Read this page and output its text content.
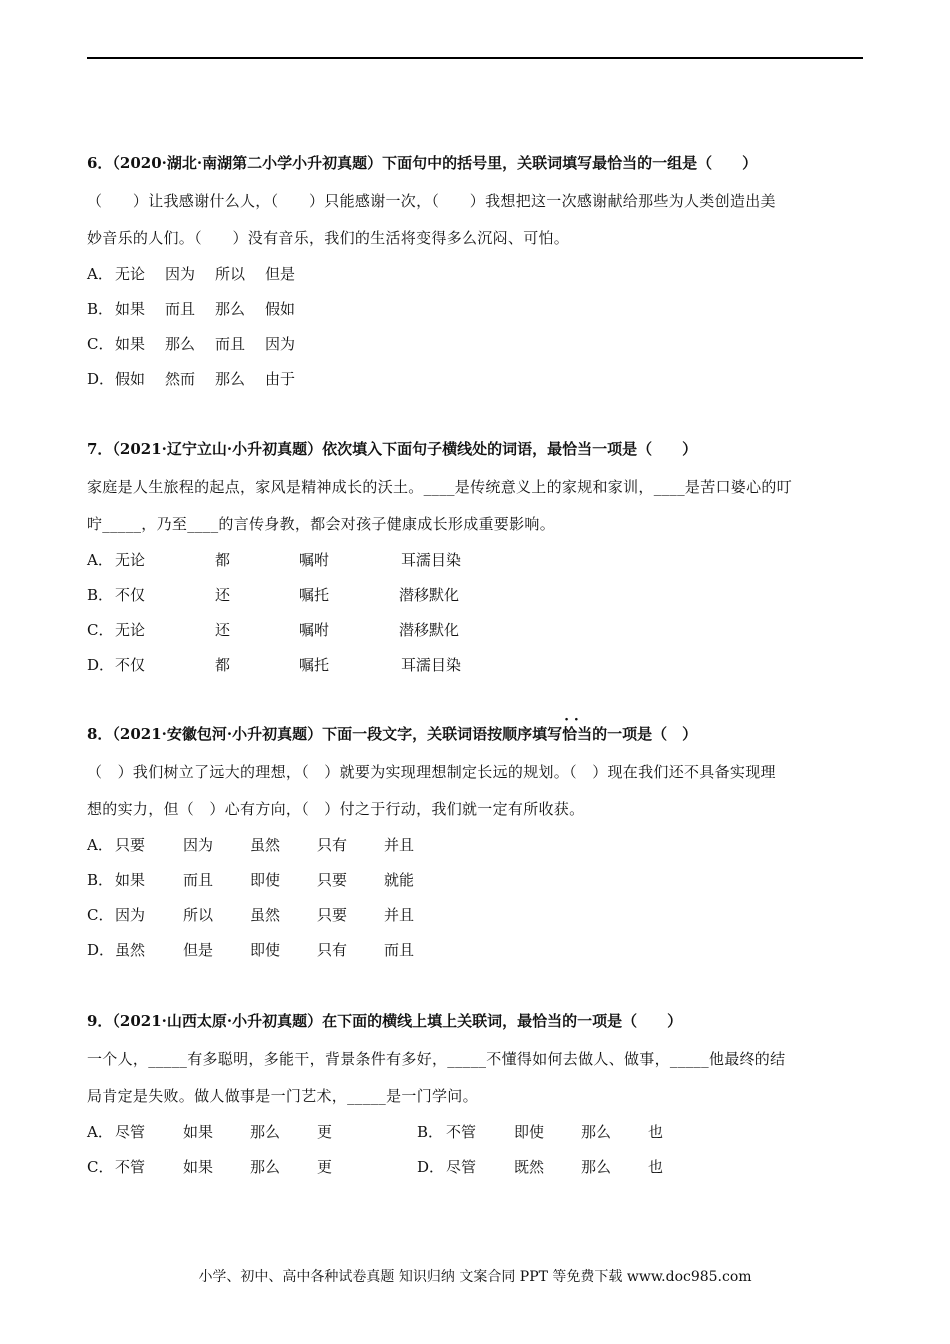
6．（2020·湖北·南湖第二小学小升初真题）下面句中的括号里，关联词填写最恰当的一组是（　　）

（　　）让我感谢什么人，（　　）只能感谢一次，（　　）我想把这一次感谢献给那些为人类创造出美

妙音乐的人们。（　　）没有音乐，我们的生活将变得多么沉闷、可怕。

A． 无论 因为 所以 但是
B． 如果 而且 那么 假如
C． 如果 那么 而且 因为
D． 假如 然而 那么 由于

7．（2021·辽宁立山·小升初真题）依次填入下面句子横线处的词语，最恰当一项是（　　）

家庭是人生旅程的起点，家风是精神成长的沃土。____是传统意义上的家规和家训，____是苦口婆心的叮

咛_____，乃至____的言传身教，都会对孩子健康成长形成重要影响。

A． 无论	都	嘱咐	耳濡目染
B． 不仅	还	嘱托	潜移默化
C． 无论	还	嘱咐	潜移默化
D． 不仅	都	嘱托	耳濡目染

8．（2021·安徽包河·小升初真题）下面一段文字，关联词语按顺序填写· · 恰当的一项是（　）

（　）我们树立了远大的理想，（　）就要为实现理想制定长远的规划。（　）现在我们还不具备实现理

想的实力，但（　）心有方向，（　）付之于行动，我们就一定有所收获。

A． 只要	因为 虽然 只有 并且
B． 如果	而且 即使 只要 就能
C． 因为	所以 虽然 只要 并且
D． 虽然	但是 即使 只有 而且

9．（2021·山西太原·小升初真题）在下面的横线上填上关联词，最恰当的一项是（　　）

一个人，_____有多聪明，多能干，背景条件有多好，_____不懂得如何去做人、做事，_____他最终的结

局肯定是失败。做人做事是一门艺术，_____是一门学问。

A． 尽管	如果 那么 更	B． 不管	即使 那么 也
C． 不管	如果 那么 更	D． 尽管	既然 那么 也
小学、初中、高中各种试卷真题 知识归纳 文案合同 PPT 等免费下载 www.doc985.com
